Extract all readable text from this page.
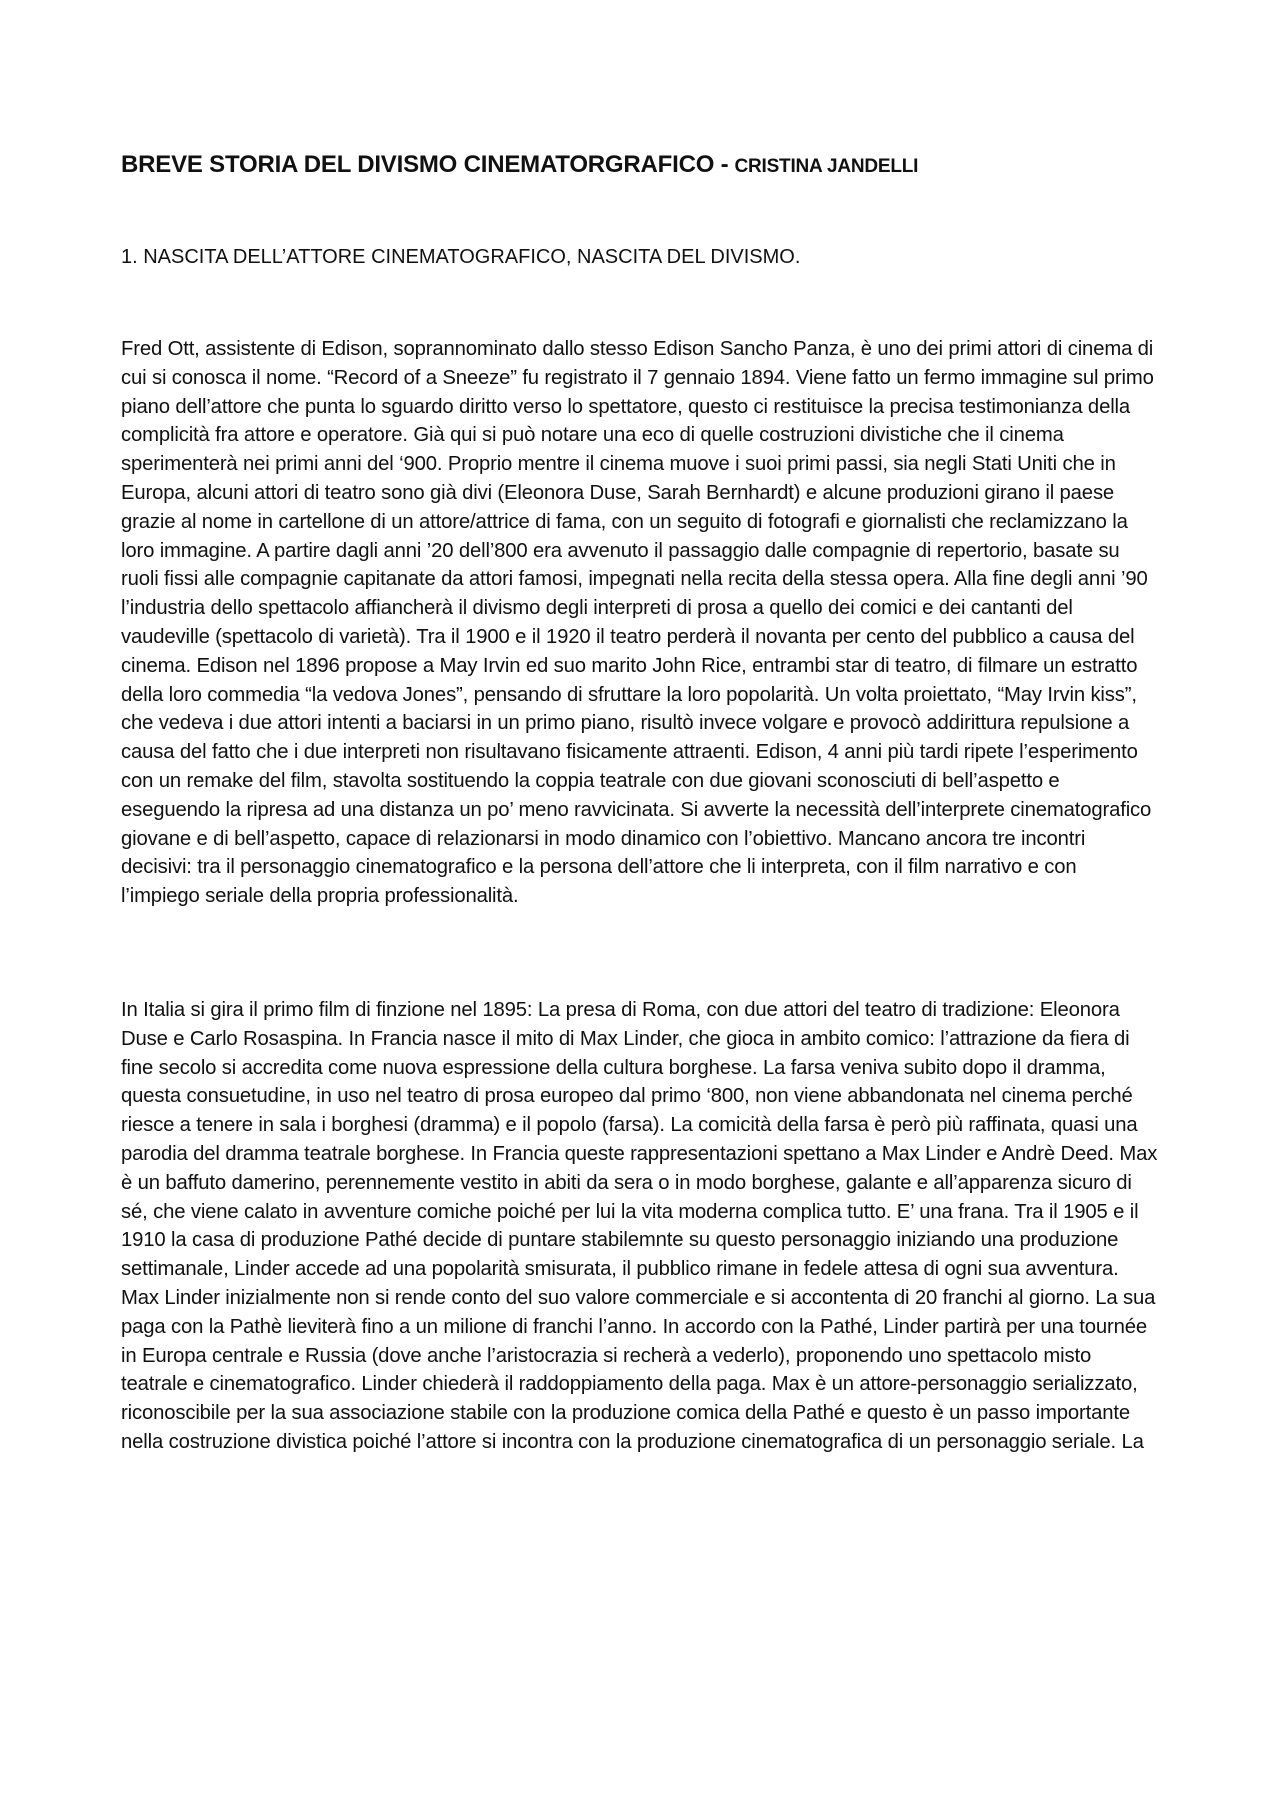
BREVE STORIA DEL DIVISMO CINEMATORGRAFICO - CRISTINA JANDELLI

1. NASCITA DELL’ATTORE CINEMATOGRAFICO, NASCITA DEL DIVISMO.

Fred Ott, assistente di Edison, soprannominato dallo stesso Edison Sancho Panza, è uno dei primi attori di cinema di cui si conosca il nome. “Record of a Sneeze” fu registrato il 7 gennaio 1894. Viene fatto un fermo immagine sul primo piano dell’attore che punta lo sguardo diritto verso lo spettatore, questo ci restituisce la precisa testimonianza della complicità fra attore e operatore. Già qui si può notare una eco di quelle costruzioni divistiche che il cinema sperimenterà nei primi anni del ‘900. Proprio mentre il cinema muove i suoi primi passi, sia negli Stati Uniti che in Europa, alcuni attori di teatro sono già divi (Eleonora Duse, Sarah Bernhardt) e alcune produzioni girano il paese grazie al nome in cartellone di un attore/attrice di fama, con un seguito di fotografi e giornalisti che reclamizzano la loro immagine. A partire dagli anni ’20 dell’800 era avvenuto il passaggio dalle compagnie di repertorio, basate su ruoli fissi alle compagnie capitanate da attori famosi, impegnati nella recita della stessa opera. Alla fine degli anni ’90 l’industria dello spettacolo affiancherà il divismo degli interpreti di prosa a quello dei comici e dei cantanti del vaudeville (spettacolo di varietà). Tra il 1900 e il 1920 il teatro perderà il novanta per cento del pubblico a causa del cinema. Edison nel 1896 propose a May Irvin ed suo marito John Rice, entrambi star di teatro, di filmare un estratto della loro commedia “la vedova Jones”, pensando di sfruttare la loro popolarità. Un volta proiettato, “May Irvin kiss”, che vedeva i due attori intenti a baciarsi in un primo piano, risultò invece volgare e provocò addirittura repulsione a causa del fatto che i due interpreti non risultavano fisicamente attraenti. Edison, 4 anni più tardi ripete l’esperimento con un remake del film, stavolta sostituendo la coppia teatrale con due giovani sconosciuti di bell’aspetto e eseguendo la ripresa ad una distanza un po’ meno ravvicinata. Si avverte la necessità dell’interprete cinematografico giovane e di bell’aspetto, capace di relazionarsi in modo dinamico con l’obiettivo. Mancano ancora tre incontri decisivi: tra il personaggio cinematografico e la persona dell’attore che li interpreta, con il film narrativo e con l’impiego seriale della propria professionalità.

In Italia si gira il primo film di finzione nel 1895: La presa di Roma, con due attori del teatro di tradizione: Eleonora Duse e Carlo Rosaspina. In Francia nasce il mito di Max Linder, che gioca in ambito comico: l’attrazione da fiera di fine secolo si accredita come nuova espressione della cultura borghese. La farsa veniva subito dopo il dramma, questa consuetudine, in uso nel teatro di prosa europeo dal primo ‘800, non viene abbandonata nel cinema perché riesce a tenere in sala i borghesi (dramma) e il popolo (farsa). La comicità della farsa è però più raffinata, quasi una parodia del dramma teatrale borghese. In Francia queste rappresentazioni spettano a Max Linder e Andrè Deed. Max è un baffuto damerino, perennemente vestito in abiti da sera o in modo borghese, galante e all’apparenza sicuro di sé, che viene calato in avventure comiche poiché per lui la vita moderna complica tutto. E’ una frana. Tra il 1905 e il 1910 la casa di produzione Pathé decide di puntare stabilemnte su questo personaggio iniziando una produzione settimanale, Linder accede ad una popolarità smisurata, il pubblico rimane in fedele attesa di ogni sua avventura. Max Linder inizialmente non si rende conto del suo valore commerciale e si accontenta di 20 franchi al giorno. La sua paga con la Pathè lieviterà fino a un milione di franchi l’anno. In accordo con la Pathé, Linder partirà per una tournée in Europa centrale e Russia (dove anche l’aristocrazia si recherà a vederlo), proponendo uno spettacolo misto teatrale e cinematografico. Linder chiederà il raddoppiamento della paga. Max è un attore-personaggio serializzato, riconoscibile per la sua associazione stabile con la produzione comica della Pathé e questo è un passo importante nella costruzione divistica poiché l’attore si incontra con la produzione cinematografica di un personaggio seriale. La
